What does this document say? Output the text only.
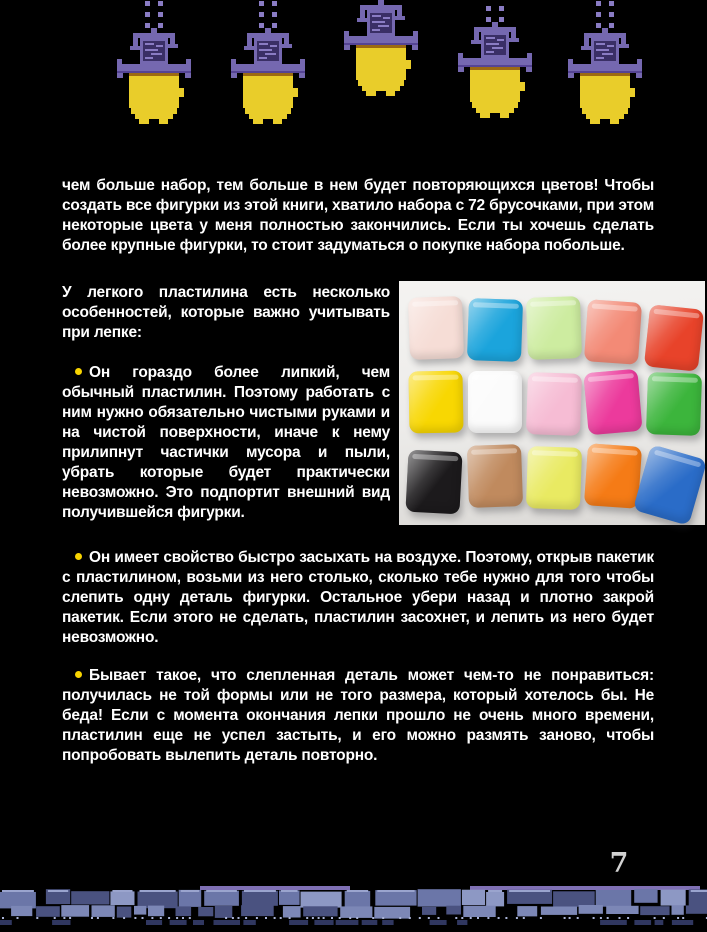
чем больше набор, тем больше в нем будет повторяющихся цветов! Чтобы создать все фигурки из этой книги, хватило набора с 72 брусочками, при этом некоторые цвета у меня полностью закончились. Если ты хочешь сделать более крупные фигурки, то стоит задуматься о покупке набора побольше.

У легкого пластилина есть несколько особенностей, которые важно учитывать при лепке:

Он гораздо более липкий, чем обычный пластилин. Поэтому работать с ним нужно обязательно чистыми руками и на чистой поверхности, иначе к нему прилипнут частички мусора и пыли, убрать которые будет практически невозможно. Это подпортит внешний вид получившейся фигурки.

Он имеет свойство быстро засыхать на воздухе. Поэтому, открыв пакетик с пластилином, возьми из него столько, сколько тебе нужно для того чтобы слепить одну деталь фигурки. Остальное убери назад и плотно закрой пакетик. Если этого не сделать, пластилин засохнет, и лепить из него будет невозможно.

Бывает такое, что слепленная деталь может чем-то не понравиться: получилась не той формы или не того размера, который хотелось бы. Не беда! Если с момента окончания лепки прошло не очень много времени, пластилин еще не успел застыть, и его можно размять заново, чтобы попробовать вылепить деталь повторно.

7
